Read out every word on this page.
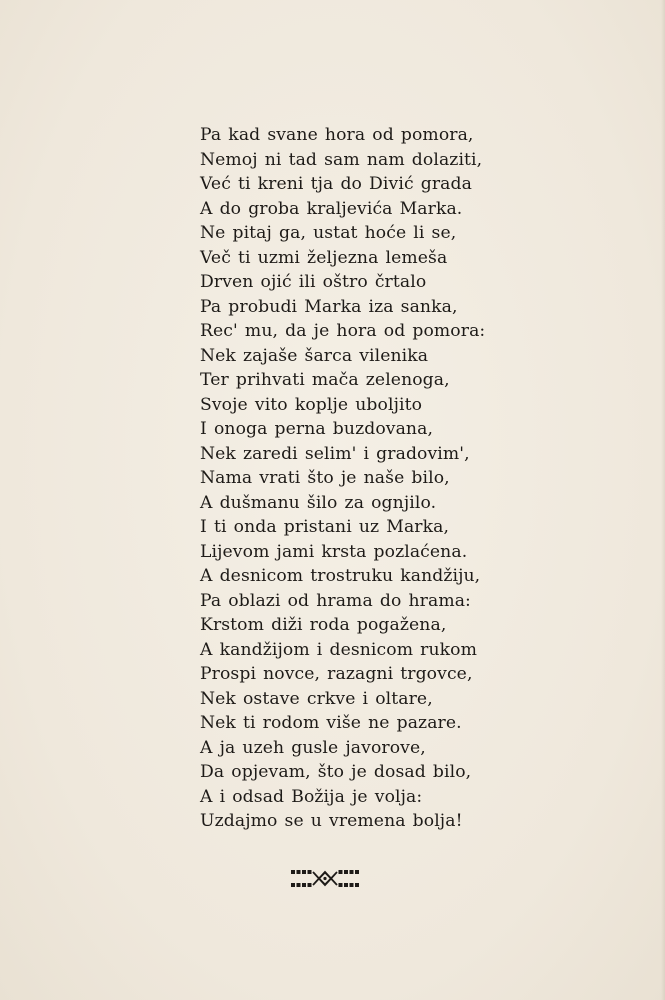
Pa kad svane hora od pomora,
Nemoj ni tad sam nam dolaziti,
Već ti kreni tja do Divić grada
A do groba kraljevića Marka.
Ne pitaj ga, ustat hoće li se,
Več ti uzmi željezna lemeša
Drven ojić ili oštro črtalo
Pa probudi Marka iza sanka,
Rec' mu, da je hora od pomora:
Nek zajaše šarca vilenika
Ter prihvati mača zelenoga,
Svoje vito koplje uboljito
I onoga perna buzdovana,
Nek zaredi selim' i gradovim',
Nama vrati što je naše bilo,
A dušmanu šilo za ognjilo.
I ti onda pristani uz Marka,
Lijevom jami krsta pozlaćena.
A desnicom trostruku kandžiju,
Pa oblazi od hrama do hrama:
Krstom diži roda pogažena,
A kandžijom i desnicom rukom
Prospi novce, razagni trgovce,
Nek ostave crkve i oltare,
Nek ti rodom više ne pazare.
A ja uzeh gusle javorove,
Da opjevam, što je dosad bilo,
A i odsad Božija je volja:
Uzdajmo se u vremena bolja!
